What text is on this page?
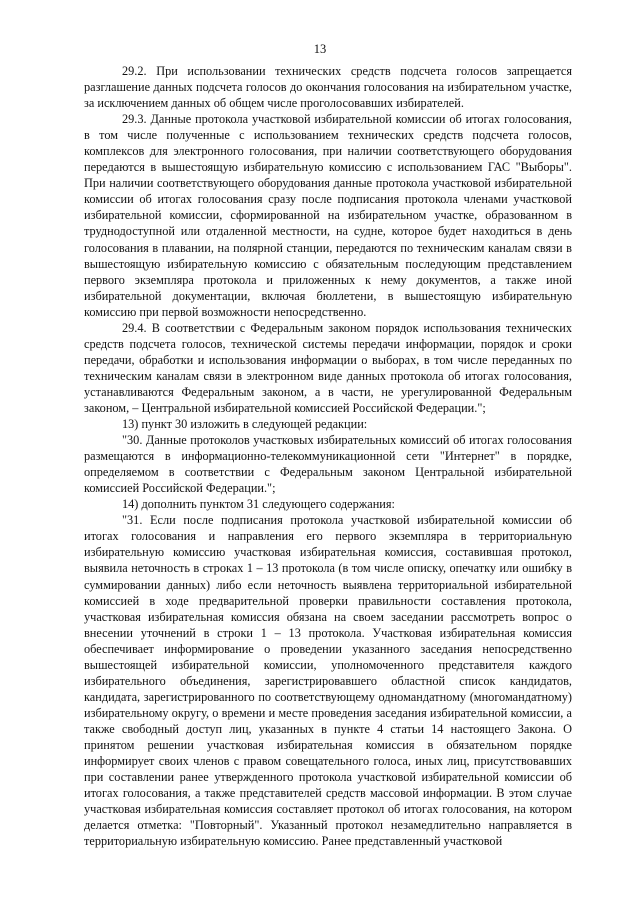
13

29.2. При использовании технических средств подсчета голосов запрещается разглашение данных подсчета голосов до окончания голосования на избирательном участке, за исключением данных об общем числе проголосовавших избирателей.

29.3. Данные протокола участковой избирательной комиссии об итогах голосования, в том числе полученные с использованием технических средств подсчета голосов, комплексов для электронного голосования, при наличии соответствующего оборудования передаются в вышестоящую избирательную комиссию с использованием ГАС "Выборы". При наличии соответствующего оборудования данные протокола участковой избирательной комиссии об итогах голосования сразу после подписания протокола членами участковой избирательной комиссии, сформированной на избирательном участке, образованном в труднодоступной или отдаленной местности, на судне, которое будет находиться в день голосования в плавании, на полярной станции, передаются по техническим каналам связи в вышестоящую избирательную комиссию с обязательным последующим представлением первого экземпляра протокола и приложенных к нему документов, а также иной избирательной документации, включая бюллетени, в вышестоящую избирательную комиссию при первой возможности непосредственно.

29.4. В соответствии с Федеральным законом порядок использования технических средств подсчета голосов, технической системы передачи информации, порядок и сроки передачи, обработки и использования информации о выборах, в том числе переданных по техническим каналам связи в электронном виде данных протокола об итогах голосования, устанавливаются Федеральным законом, а в части, не урегулированной Федеральным законом, – Центральной избирательной комиссией Российской Федерации.";

13) пункт 30 изложить в следующей редакции:

"30. Данные протоколов участковых избирательных комиссий об итогах голосования размещаются в информационно-телекоммуникационной сети "Интернет" в порядке, определяемом в соответствии с Федеральным законом Центральной избирательной комиссией Российской Федерации.";

14) дополнить пунктом 31 следующего содержания:

"31. Если после подписания протокола участковой избирательной комиссии об итогах голосования и направления его первого экземпляра в территориальную избирательную комиссию участковая избирательная комиссия, составившая протокол, выявила неточность в строках 1 – 13 протокола (в том числе описку, опечатку или ошибку в суммировании данных) либо если неточность выявлена территориальной избирательной комиссией в ходе предварительной проверки правильности составления протокола, участковая избирательная комиссия обязана на своем заседании рассмотреть вопрос о внесении уточнений в строки 1 – 13 протокола. Участковая избирательная комиссия обеспечивает информирование о проведении указанного заседания непосредственно вышестоящей избирательной комиссии, уполномоченного представителя каждого избирательного объединения, зарегистрировавшего областной список кандидатов, кандидата, зарегистрированного по соответствующему одномандатному (многомандатному) избирательному округу, о времени и месте проведения заседания избирательной комиссии, а также свободный доступ лиц, указанных в пункте 4 статьи 14 настоящего Закона. О принятом решении участковая избирательная комиссия в обязательном порядке информирует своих членов с правом совещательного голоса, иных лиц, присутствовавших при составлении ранее утвержденного протокола участковой избирательной комиссии об итогах голосования, а также представителей средств массовой информации. В этом случае участковая избирательная комиссия составляет протокол об итогах голосования, на котором делается отметка: "Повторный". Указанный протокол незамедлительно направляется в территориальную избирательную комиссию. Ранее представленный участковой
